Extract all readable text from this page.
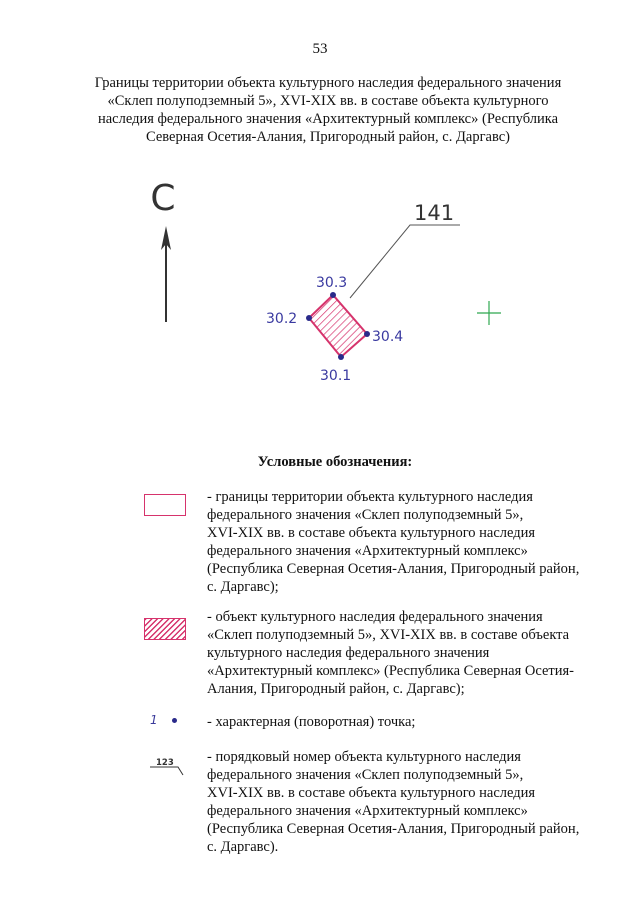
53
Границы территории объекта культурного наследия федерального значения
«Склеп полуподземный 5», XVI-XIX вв. в составе объекта культурного
наследия федерального значения «Архитектурный комплекс» (Республика
Северная Осетия-Алания, Пригородный район, с. Даргавс)
С	141
30.1
30.2
30.3
30.4
Условные обозначения:
- границы территории объекта культурного наследия
федерального значения «Склеп полуподземный 5»,
XVI-XIX вв. в составе объекта культурного наследия
федерального значения «Архитектурный комплекс»
(Республика Северная Осетия-Алания, Пригородный район,
с. Даргавс);
- объект культурного наследия федерального значения
«Склеп полуподземный 5», XVI-XIX вв. в составе объекта
культурного наследия федерального значения
«Архитектурный комплекс» (Республика Северная Осетия-
Алания, Пригородный район, с. Даргавс);
1	- характерная (поворотная) точка;
123 - порядковый номер объекта культурного наследия
федерального значения «Склеп полуподземный 5»,
XVI-XIX вв. в составе объекта культурного наследия
федерального значения «Архитектурный комплекс»
(Республика Северная Осетия-Алания, Пригородный район,
с. Даргавс).
